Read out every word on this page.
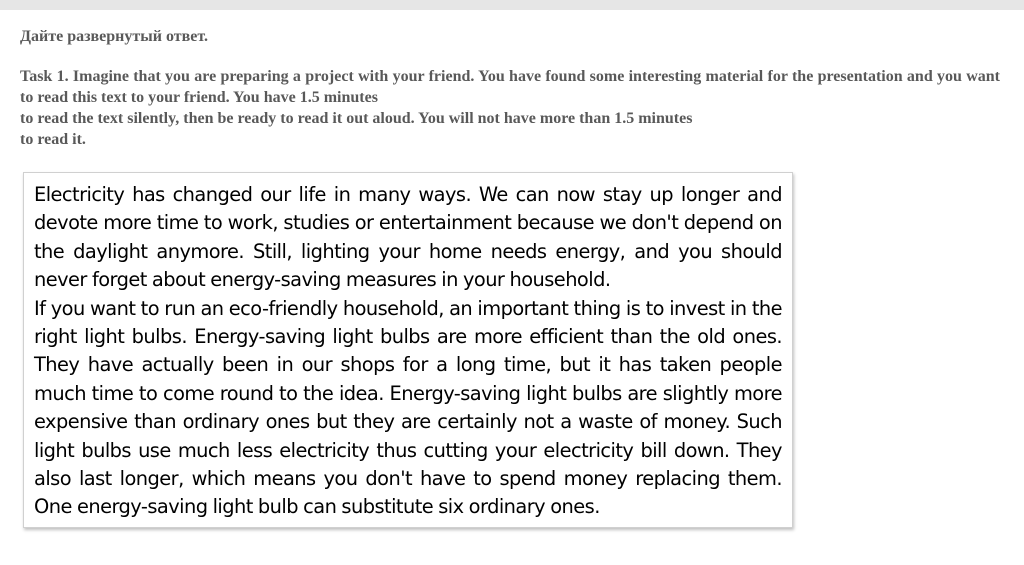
Дайте развернутый ответ.
Task 1. Imagine that you are preparing a project with your friend. You have found some interesting material for the presentation and you want to read this text to your friend. You have 1.5 minutes
to read the text silently, then be ready to read it out aloud. You will not have more than 1.5 minutes
to read it.

Electricity has changed our life in many ways. We can now stay up longer and devote more time to work, studies or entertainment because we don't depend on the daylight anymore. Still, lighting your home needs energy, and you should never forget about energy-saving measures in your household.

If you want to run an eco-friendly household, an important thing is to invest in the right light bulbs. Energy-saving light bulbs are more efficient than the old ones. They have actually been in our shops for a long time, but it has taken people much time to come round to the idea. Energy-saving light bulbs are slightly more expensive than ordinary ones but they are certainly not a waste of money. Such light bulbs use much less electricity thus cutting your electricity bill down. They also last longer, which means you don't have to spend money replacing them. One energy-saving light bulb can substitute six ordinary ones.
